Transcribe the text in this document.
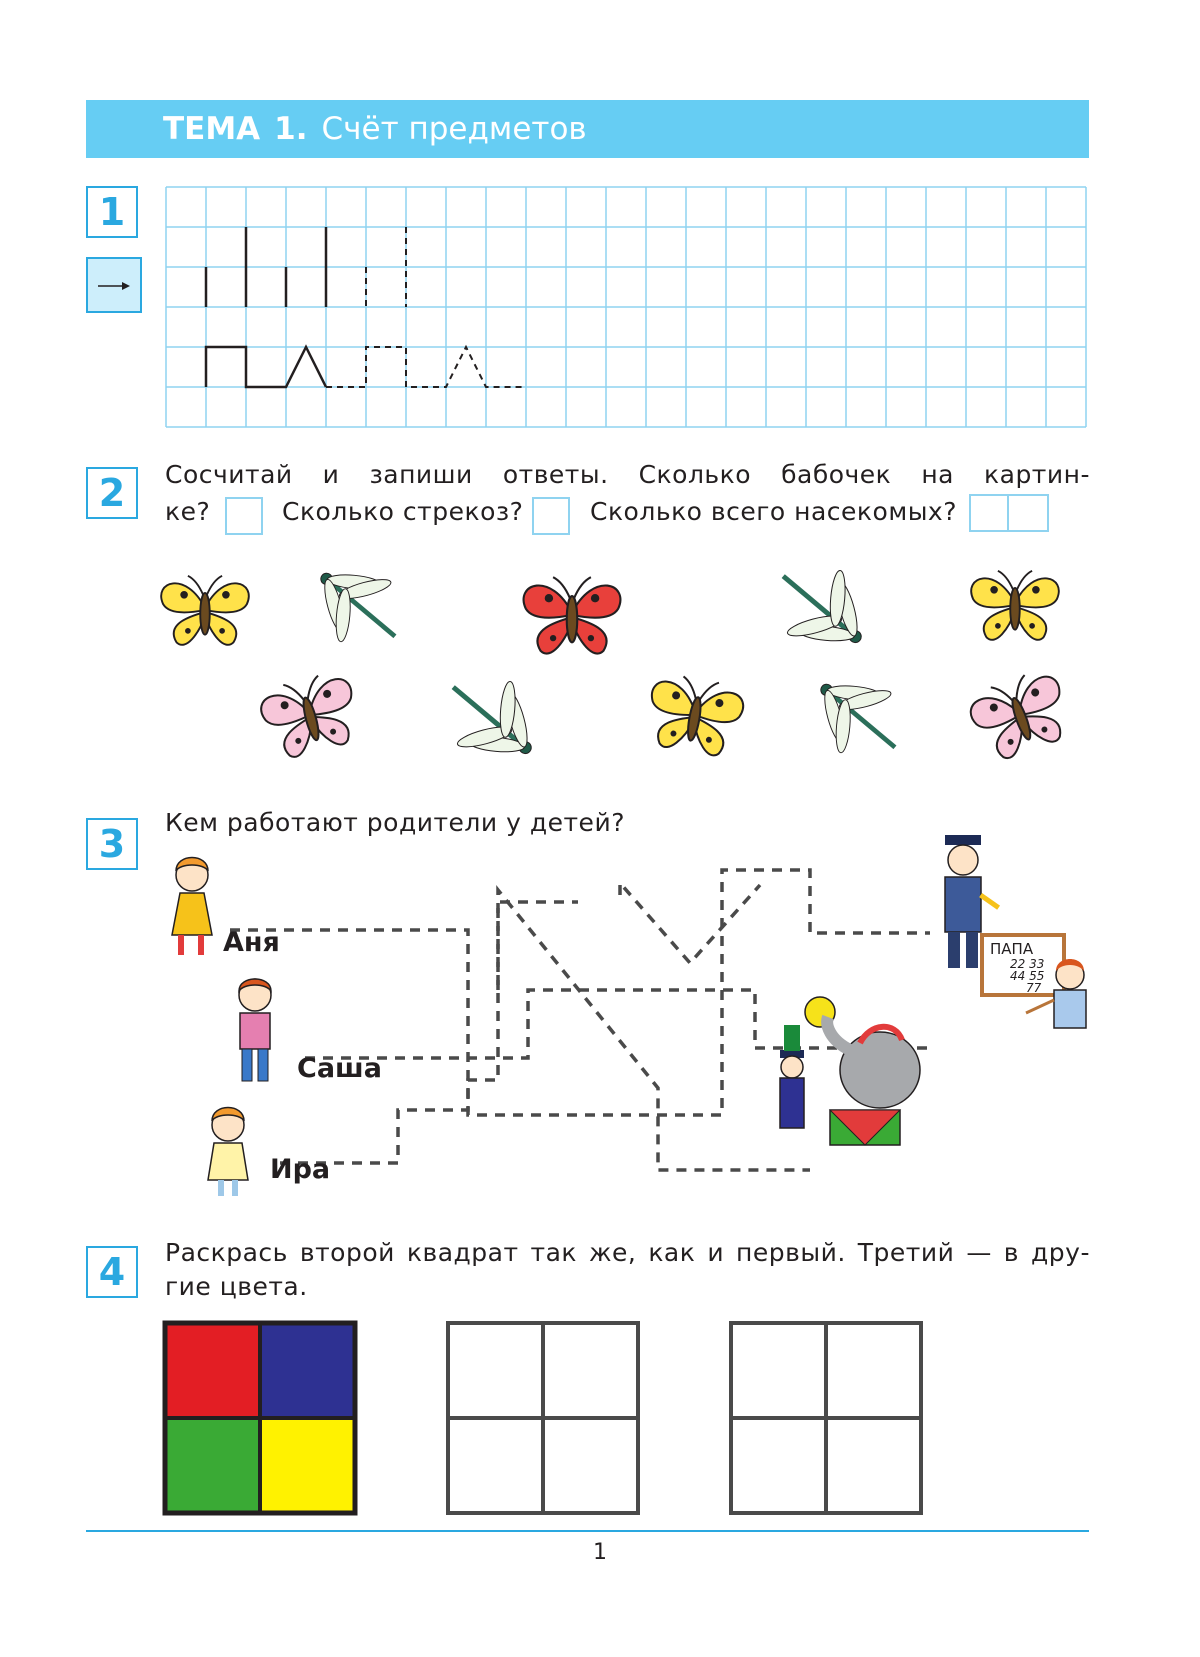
ТЕМА 1. Счёт предметов
1
2	Сосчитай и запиши ответы. Сколько бабочек на картин-
ке?	Сколько стрекоз?	Сколько всего насекомых?
3	Кем работают родители у детей?
ПАПА
22 33
44 55
77
Аня
Саша
Ира
4	Раскрась второй квадрат так же, как и первый. Третий — в дру-
гие цвета.
1
